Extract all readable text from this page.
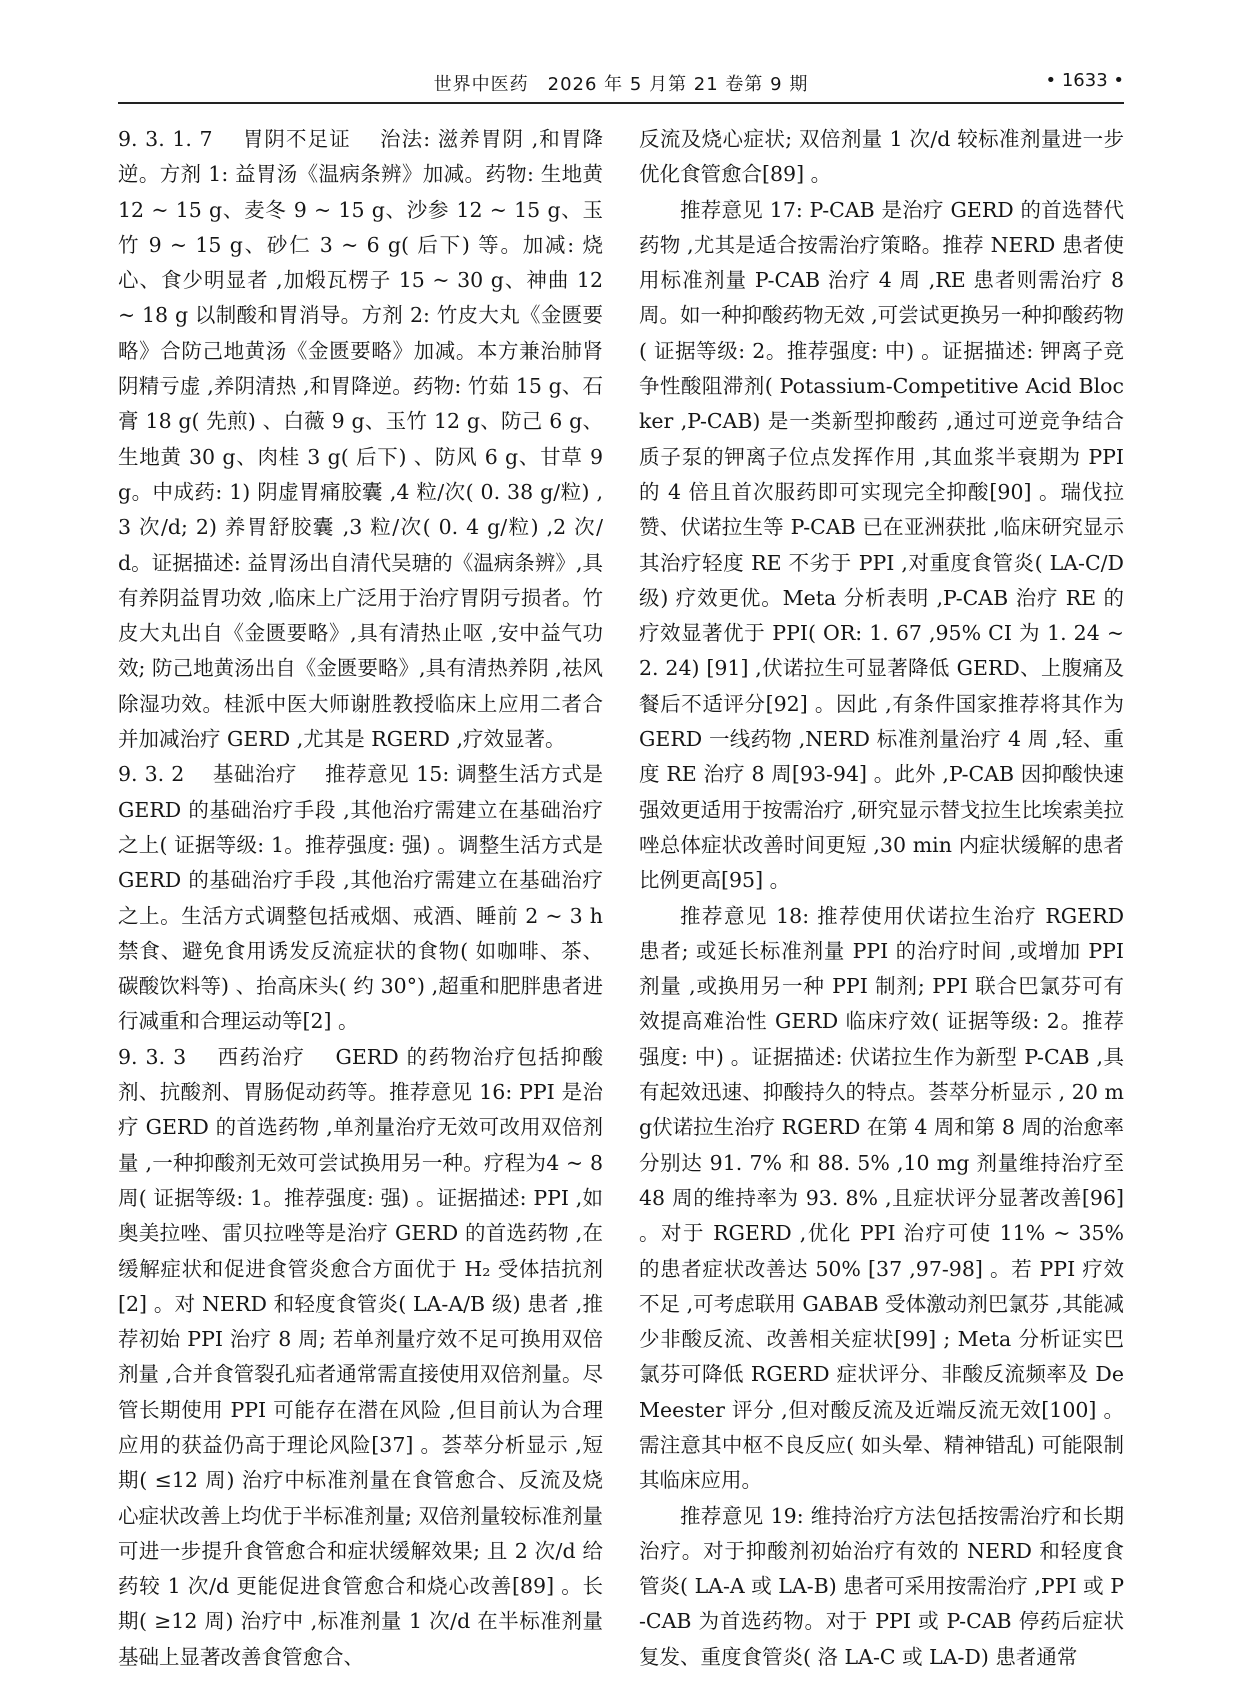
世界中医药　2026 年 5 月第 21 卷第 9 期	• 1633 •

9. 3. 1. 7　 胃阴不足证　 治法: 滋养胃阴 ,和胃降逆。方剂 1: 益胃汤《温病条辨》加减。药物: 生地黄12 ~ 15 g、麦冬 9 ~ 15 g、沙参 12 ~ 15 g、玉竹 9 ~ 15 g、砂仁 3 ~ 6 g( 后下) 等。加减: 烧心、食少明显者 ,加煅瓦楞子 15 ~ 30 g、神曲 12 ~ 18 g 以制酸和胃消导。方剂 2: 竹皮大丸《金匮要略》合防己地黄汤《金匮要略》加减。本方兼治肺肾阴精亏虚 ,养阴清热 ,和胃降逆。药物: 竹茹 15 g、石膏 18 g( 先煎) 、白薇 9 g、玉竹 12 g、防己 6 g、生地黄 30 g、肉桂 3 g( 后下) 、防风 6 g、甘草 9 g。中成药: 1) 阴虚胃痛胶囊 ,4 粒/次( 0. 38 g/粒) ,3 次/d; 2) 养胃舒胶囊 ,3 粒/次( 0. 4 g/粒) ,2 次/d。证据描述: 益胃汤出自清代吴瑭的《温病条辨》,具有养阴益胃功效 ,临床上广泛用于治疗胃阴亏损者。竹皮大丸出自《金匮要略》,具有清热止呕 ,安中益气功效; 防己地黄汤出自《金匮要略》,具有清热养阴 ,祛风除湿功效。桂派中医大师谢胜教授临床上应用二者合并加减治疗 GERD ,尤其是 RGERD ,疗效显著。

9. 3. 2　 基础治疗　 推荐意见 15: 调整生活方式是 GERD 的基础治疗手段 ,其他治疗需建立在基础治疗之上( 证据等级: 1。推荐强度: 强) 。调整生活方式是 GERD 的基础治疗手段 ,其他治疗需建立在基础治疗之上。生活方式调整包括戒烟、戒酒、睡前 2 ~ 3 h 禁食、避免食用诱发反流症状的食物( 如咖啡、茶、碳酸饮料等) 、抬高床头( 约 30°) ,超重和肥胖患者进行减重和合理运动等[2] 。

9. 3. 3　 西药治疗　 GERD 的药物治疗包括抑酸剂、抗酸剂、胃肠促动药等。推荐意见 16: PPI 是治疗 GERD 的首选药物 ,单剂量治疗无效可改用双倍剂量 ,一种抑酸剂无效可尝试换用另一种。疗程为4 ~ 8 周( 证据等级: 1。推荐强度: 强) 。证据描述: PPI ,如奥美拉唑、雷贝拉唑等是治疗 GERD 的首选药物 ,在缓解症状和促进食管炎愈合方面优于 H₂ 受体拮抗剂[2] 。对 NERD 和轻度食管炎( LA-A/B 级) 患者 ,推荐初始 PPI 治疗 8 周; 若单剂量疗效不足可换用双倍剂量 ,合并食管裂孔疝者通常需直接使用双倍剂量。尽管长期使用 PPI 可能存在潜在风险 ,但目前认为合理应用的获益仍高于理论风险[37] 。荟萃分析显示 ,短期( ≤12 周) 治疗中标准剂量在食管愈合、反流及烧心症状改善上均优于半标准剂量; 双倍剂量较标准剂量可进一步提升食管愈合和症状缓解效果; 且 2 次/d 给药较 1 次/d 更能促进食管愈合和烧心改善[89] 。长期( ≥12 周) 治疗中 ,标准剂量 1 次/d 在半标准剂量基础上显著改善食管愈合、

反流及烧心症状; 双倍剂量 1 次/d 较标准剂量进一步优化食管愈合[89] 。

推荐意见 17: P-CAB 是治疗 GERD 的首选替代药物 ,尤其是适合按需治疗策略。推荐 NERD 患者使用标准剂量 P-CAB 治疗 4 周 ,RE 患者则需治疗 8 周。如一种抑酸药物无效 ,可尝试更换另一种抑酸药物( 证据等级: 2。推荐强度: 中) 。证据描述: 钾离子竞争性酸阻滞剂( Potassium-Competitive Acid Blocker ,P-CAB) 是一类新型抑酸药 ,通过可逆竞争结合质子泵的钾离子位点发挥作用 ,其血浆半衰期为 PPI 的 4 倍且首次服药即可实现完全抑酸[90] 。瑞伐拉赞、伏诺拉生等 P-CAB 已在亚洲获批 ,临床研究显示其治疗轻度 RE 不劣于 PPI ,对重度食管炎( LA-C/D 级) 疗效更优。Meta 分析表明 ,P-CAB 治疗 RE 的疗效显著优于 PPI( OR: 1. 67 ,95% CI 为 1. 24 ~ 2. 24) [91] ,伏诺拉生可显著降低 GERD、上腹痛及餐后不适评分[92] 。因此 ,有条件国家推荐将其作为 GERD 一线药物 ,NERD 标准剂量治疗 4 周 ,轻、重度 RE 治疗 8 周[93-94] 。此外 ,P-CAB 因抑酸快速强效更适用于按需治疗 ,研究显示替戈拉生比埃索美拉唑总体症状改善时间更短 ,30 min 内症状缓解的患者比例更高[95] 。

推荐意见 18: 推荐使用伏诺拉生治疗 RGERD 患者; 或延长标准剂量 PPI 的治疗时间 ,或增加 PPI 剂量 ,或换用另一种 PPI 制剂; PPI 联合巴氯芬可有效提高难治性 GERD 临床疗效( 证据等级: 2。推荐强度: 中) 。证据描述: 伏诺拉生作为新型 P-CAB ,具有起效迅速、抑酸持久的特点。荟萃分析显示 , 20 mg伏诺拉生治疗 RGERD 在第 4 周和第 8 周的治愈率分别达 91. 7% 和 88. 5% ,10 mg 剂量维持治疗至 48 周的维持率为 93. 8% ,且症状评分显著改善[96] 。对于 RGERD ,优化 PPI 治疗可使 11% ~ 35% 的患者症状改善达 50% [37 ,97-98] 。若 PPI 疗效不足 ,可考虑联用 GABAB 受体激动剂巴氯芬 ,其能减少非酸反流、改善相关症状[99] ; Meta 分析证实巴氯芬可降低 RGERD 症状评分、非酸反流频率及 DeMeester 评分 ,但对酸反流及近端反流无效[100] 。需注意其中枢不良反应( 如头晕、精神错乱) 可能限制其临床应用。

推荐意见 19: 维持治疗方法包括按需治疗和长期治疗。对于抑酸剂初始治疗有效的 NERD 和轻度食管炎( LA-A 或 LA-B) 患者可采用按需治疗 ,PPI 或 P-CAB 为首选药物。对于 PPI 或 P-CAB 停药后症状复发、重度食管炎( 洛 LA-C 或 LA-D) 患者通常
